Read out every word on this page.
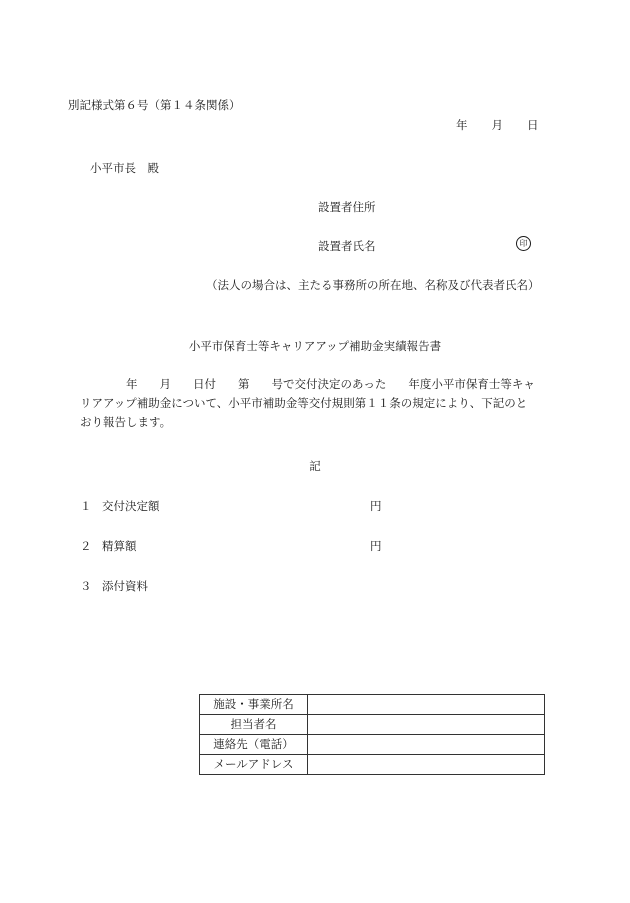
別記様式第６号（第１４条関係）
年 月 日
小平市長　殿
設置者住所
設置者氏名	印
（法人の場合は、主たる事務所の所在地、名称及び代表者氏名）
小平市保育士等キャリアアップ補助金実績報告書
年 月 日付 第 号で交付決定のあった 年度小平市保育士等キャ
リアアップ補助金について、小平市補助金等交付規則第１１条の規定により、下記のと
おり報告します。
記
１ 交付決定額	円
２ 精算額	円
３ 添付資料
施設・事業所名	
担当者名	
連絡先（電話）	
メールアドレス	
